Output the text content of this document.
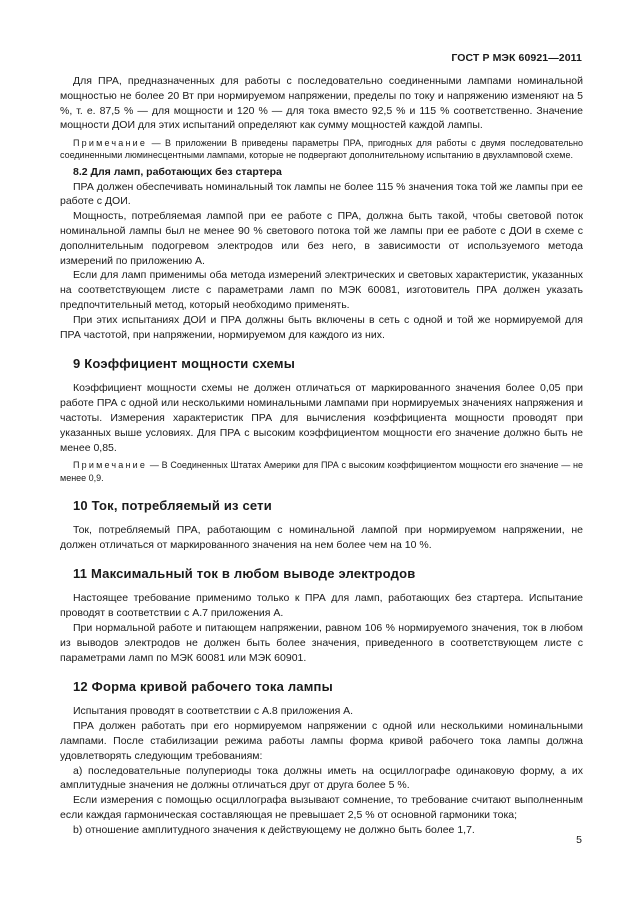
ГОСТ Р МЭК 60921—2011

Для ПРА, предназначенных для работы с последовательно соединенными лампами номинальной мощностью не более 20 Вт при нормируемом напряжении, пределы по току и напряжению изменяют на 5 %, т. е. 87,5 % — для мощности и 120 % — для тока вместо 92,5 % и 115 % соответственно. Значение мощности ДОИ для этих испытаний определяют как сумму мощностей каждой лампы.

Примечание — В приложении В приведены параметры ПРА, пригодных для работы с двумя последовательно соединенными люминесцентными лампами, которые не подвергают дополнительному испытанию в двухламповой схеме.
8.2 Для ламп, работающих без стартера

ПРА должен обеспечивать номинальный ток лампы не более 115 % значения тока той же лампы при ее работе с ДОИ.

Мощность, потребляемая лампой при ее работе с ПРА, должна быть такой, чтобы световой поток номинальной лампы был не менее 90 % светового потока той же лампы при ее работе с ДОИ в схеме с дополнительным подогревом электродов или без него, в зависимости от используемого метода измерений по приложению А.

Если для ламп применимы оба метода измерений электрических и световых характеристик, указанных на соответствующем листе с параметрами ламп по МЭК 60081, изготовитель ПРА должен указать предпочтительный метод, который необходимо применять.

При этих испытаниях ДОИ и ПРА должны быть включены в сеть с одной и той же нормируемой для ПРА частотой, при напряжении, нормируемом для каждого из них.

9 Коэффициент мощности схемы

Коэффициент мощности схемы не должен отличаться от маркированного значения более 0,05 при работе ПРА с одной или несколькими номинальными лампами при нормируемых значениях напряжения и частоты. Измерения характеристик ПРА для вычисления коэффициента мощности проводят при указанных выше условиях. Для ПРА с высоким коэффициентом мощности его значение должно быть не менее 0,85.

Примечание — В Соединенных Штатах Америки для ПРА с высоким коэффициентом мощности его значение — не менее 0,9.
10 Ток, потребляемый из сети

Ток, потребляемый ПРА, работающим с номинальной лампой при нормируемом напряжении, не должен отличаться от маркированного значения на нем более чем на 10 %.

11 Максимальный ток в любом выводе электродов

Настоящее требование применимо только к ПРА для ламп, работающих без стартера. Испытание проводят в соответствии с А.7 приложения А.

При нормальной работе и питающем напряжении, равном 106 % нормируемого значения, ток в любом из выводов электродов не должен быть более значения, приведенного в соответствующем листе с параметрами ламп по МЭК 60081 или МЭК 60901.

12 Форма кривой рабочего тока лампы

Испытания проводят в соответствии с А.8 приложения А.

ПРА должен работать при его нормируемом напряжении с одной или несколькими номинальными лампами. После стабилизации режима работы лампы форма кривой рабочего тока лампы должна удовлетворять следующим требованиям:

a) последовательные полупериоды тока должны иметь на осциллографе одинаковую форму, а их амплитудные значения не должны отличаться друг от друга более 5 %.

Если измерения с помощью осциллографа вызывают сомнение, то требование считают выполненным если каждая гармоническая составляющая не превышает 2,5 % от основной гармоники тока;

b) отношение амплитудного значения к действующему не должно быть более 1,7.

5
